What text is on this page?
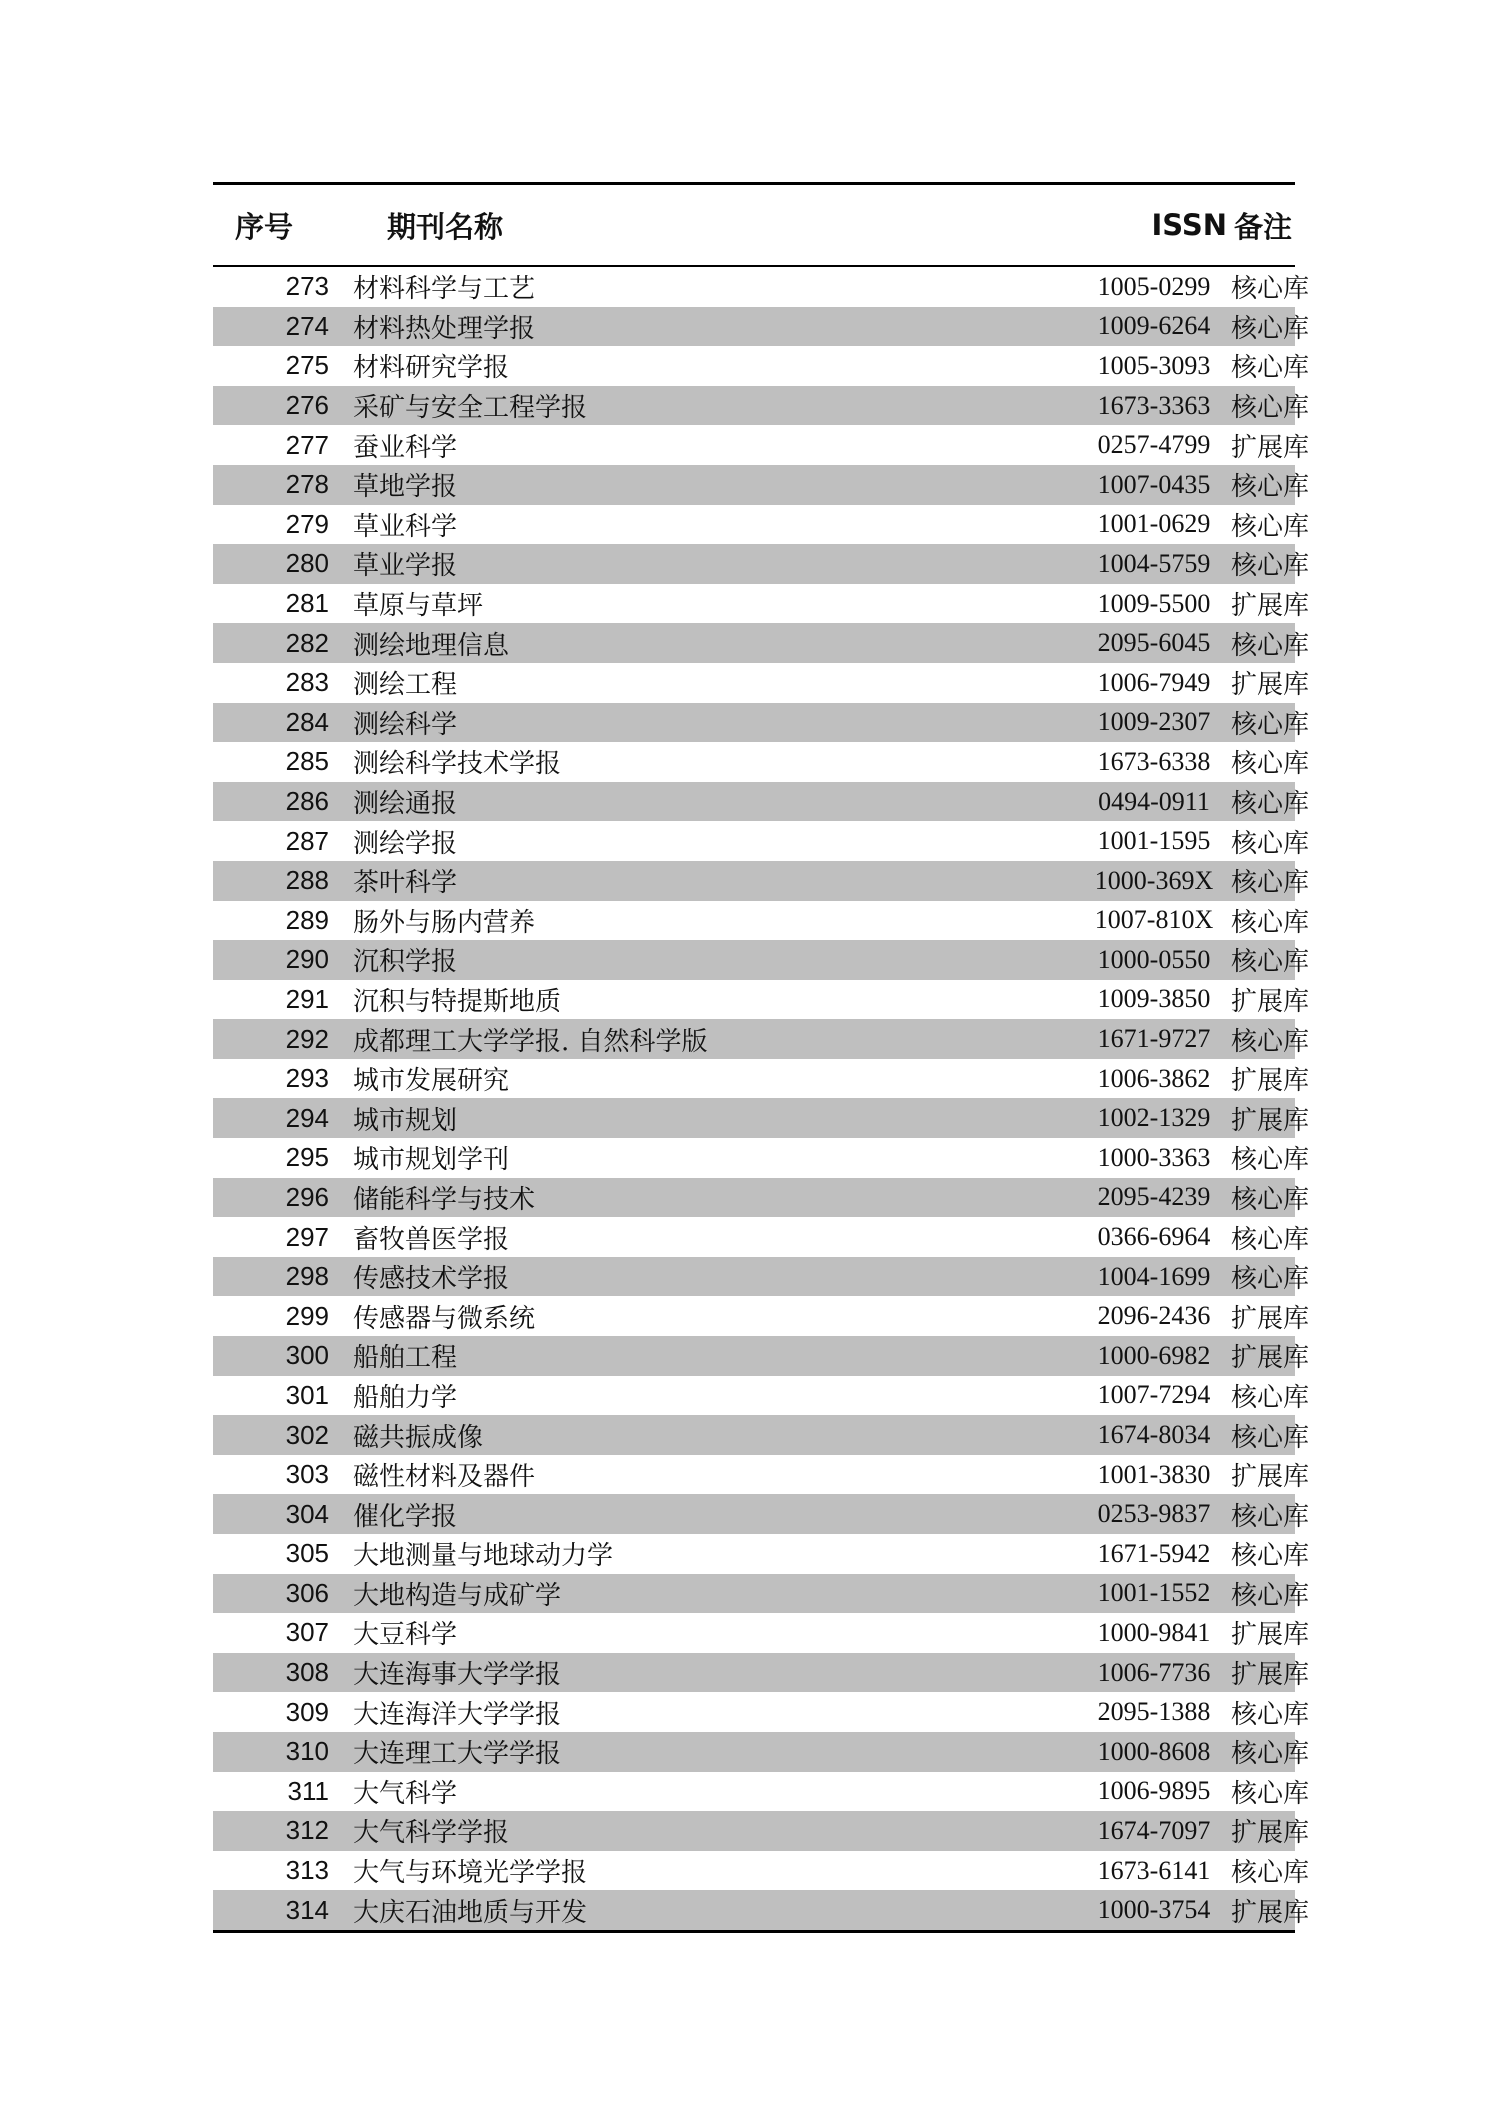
序号	期刊名称	ISSN	备注
273	材料科学与工艺	1005-0299	核心库
274	材料热处理学报	1009-6264	核心库
275	材料研究学报	1005-3093	核心库
276	采矿与安全工程学报	1673-3363	核心库
277	蚕业科学	0257-4799	扩展库
278	草地学报	1007-0435	核心库
279	草业科学	1001-0629	核心库
280	草业学报	1004-5759	核心库
281	草原与草坪	1009-5500	扩展库
282	测绘地理信息	2095-6045	核心库
283	测绘工程	1006-7949	扩展库
284	测绘科学	1009-2307	核心库
285	测绘科学技术学报	1673-6338	核心库
286	测绘通报	0494-0911	核心库
287	测绘学报	1001-1595	核心库
288	茶叶科学	1000-369X	核心库
289	肠外与肠内营养	1007-810X	核心库
290	沉积学报	1000-0550	核心库
291	沉积与特提斯地质	1009-3850	扩展库
292	成都理工大学学报. 自然科学版	1671-9727	核心库
293	城市发展研究	1006-3862	扩展库
294	城市规划	1002-1329	扩展库
295	城市规划学刊	1000-3363	核心库
296	储能科学与技术	2095-4239	核心库
297	畜牧兽医学报	0366-6964	核心库
298	传感技术学报	1004-1699	核心库
299	传感器与微系统	2096-2436	扩展库
300	船舶工程	1000-6982	扩展库
301	船舶力学	1007-7294	核心库
302	磁共振成像	1674-8034	核心库
303	磁性材料及器件	1001-3830	扩展库
304	催化学报	0253-9837	核心库
305	大地测量与地球动力学	1671-5942	核心库
306	大地构造与成矿学	1001-1552	核心库
307	大豆科学	1000-9841	扩展库
308	大连海事大学学报	1006-7736	扩展库
309	大连海洋大学学报	2095-1388	核心库
310	大连理工大学学报	1000-8608	核心库
311	大气科学	1006-9895	核心库
312	大气科学学报	1674-7097	扩展库
313	大气与环境光学学报	1673-6141	核心库
314	大庆石油地质与开发	1000-3754	扩展库
